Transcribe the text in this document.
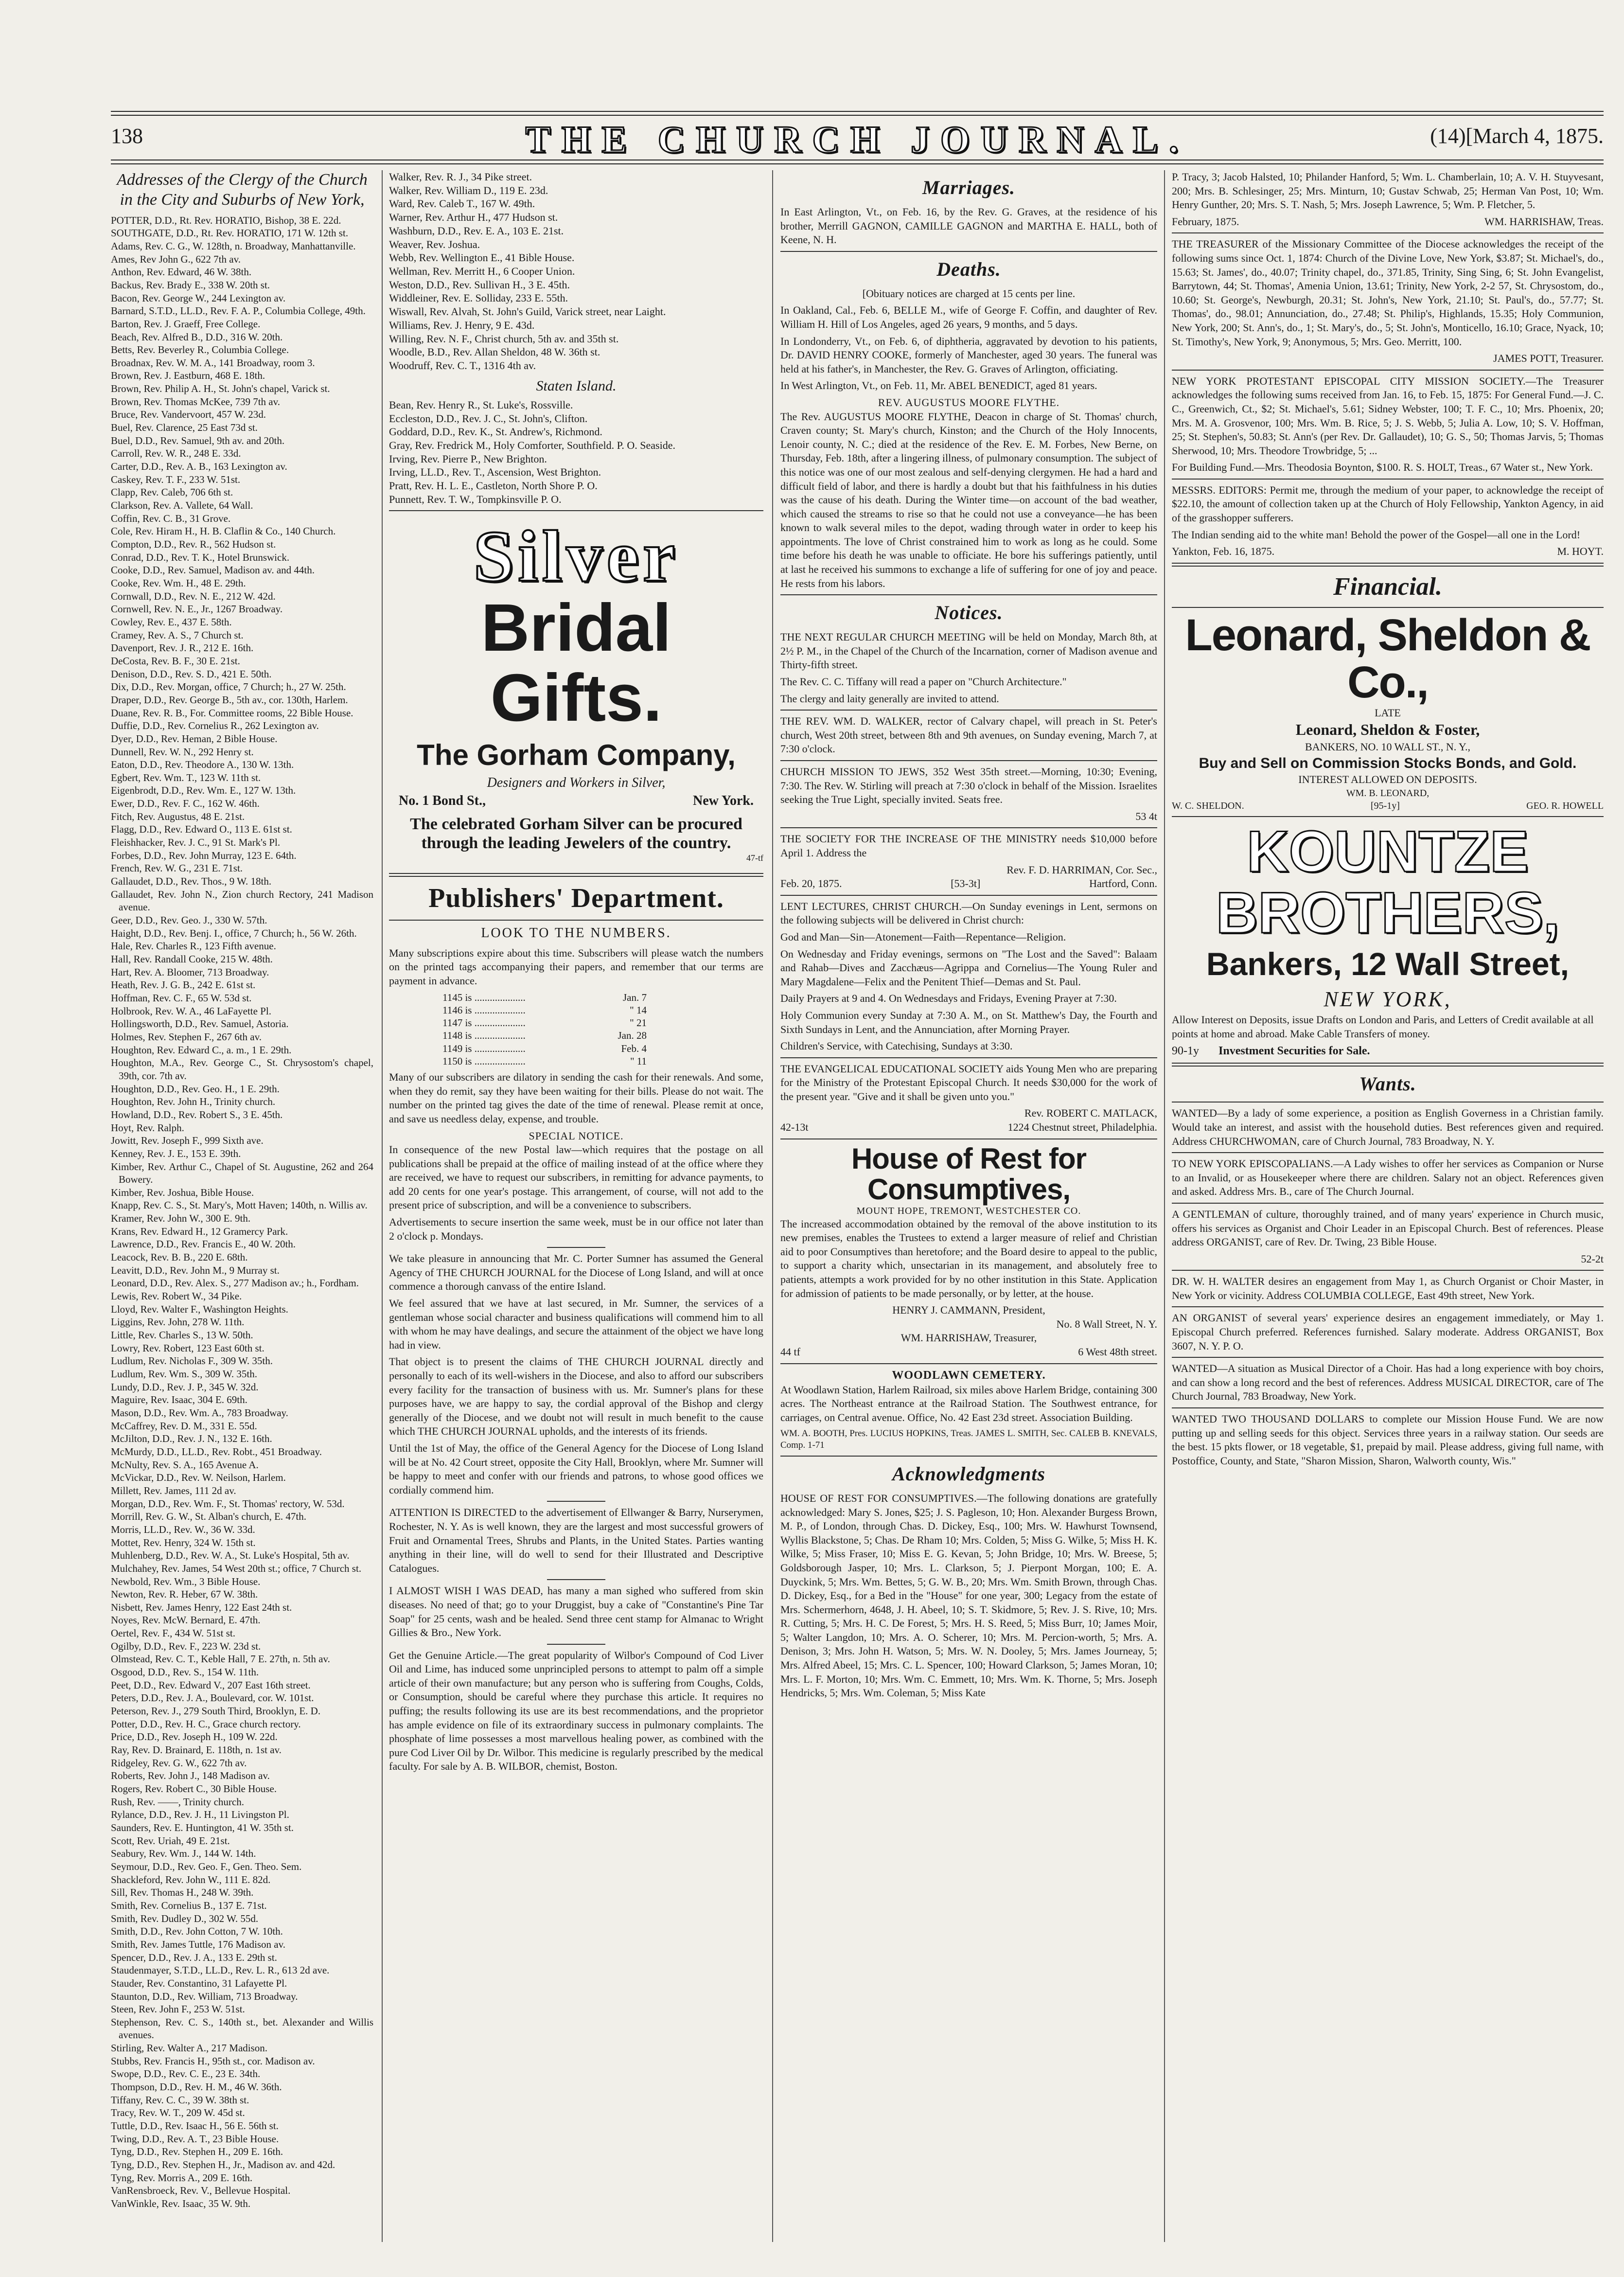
138	THE CHURCH JOURNAL.	(14)[March 4, 1875.
Addresses of the Clergy of the Church in the City and Suburbs of New York,
POTTER, D.D., Rt. Rev. HORATIO, Bishop, 38 E. 22d.
SOUTHGATE, D.D., Rt. Rev. HORATIO, 171 W. 12th st.
Adams, Rev. C. G., W. 128th, n. Broadway, Manhattanville.
Ames, Rev John G., 622 7th av.
Anthon, Rev. Edward, 46 W. 38th.
Backus, Rev. Brady E., 338 W. 20th st.
Bacon, Rev. George W., 244 Lexington av.
Barnard, S.T.D., LL.D., Rev. F. A. P., Columbia College, 49th.
Barton, Rev. J. Graeff, Free College.
Beach, Rev. Alfred B., D.D., 316 W. 20th.
Betts, Rev. Beverley R., Columbia College.
Broadnax, Rev. W. M. A., 141 Broadway, room 3.
Brown, Rev. J. Eastburn, 468 E. 18th.
Brown, Rev. Philip A. H., St. John's chapel, Varick st.
Brown, Rev. Thomas McKee, 739 7th av.
Bruce, Rev. Vandervoort, 457 W. 23d.
Buel, Rev. Clarence, 25 East 73d st.
Buel, D.D., Rev. Samuel, 9th av. and 20th.
Carroll, Rev. W. R., 248 E. 33d.
Carter, D.D., Rev. A. B., 163 Lexington av.
Caskey, Rev. T. F., 233 W. 51st.
Clapp, Rev. Caleb, 706 6th st.
Clarkson, Rev. A. Vallete, 64 Wall.
Coffin, Rev. C. B., 31 Grove.
Cole, Rev. Hiram H., H. B. Claflin & Co., 140 Church.
Compton, D.D., Rev. R., 562 Hudson st.
Conrad, D.D., Rev. T. K., Hotel Brunswick.
Cooke, D.D., Rev. Samuel, Madison av. and 44th.
Cooke, Rev. Wm. H., 48 E. 29th.
Cornwall, D.D., Rev. N. E., 212 W. 42d.
Cornwell, Rev. N. E., Jr., 1267 Broadway.
Cowley, Rev. E., 437 E. 58th.
Cramey, Rev. A. S., 7 Church st.
Davenport, Rev. J. R., 212 E. 16th.
DeCosta, Rev. B. F., 30 E. 21st.
Denison, D.D., Rev. S. D., 421 E. 50th.
Dix, D.D., Rev. Morgan, office, 7 Church; h., 27 W. 25th.
Draper, D.D., Rev. George B., 5th av., cor. 130th, Harlem.
Duane, Rev. R. B., For. Committee rooms, 22 Bible House.
Duffie, D.D., Rev. Cornelius R., 262 Lexington av.
Dyer, D.D., Rev. Heman, 2 Bible House.
Dunnell, Rev. W. N., 292 Henry st.
Eaton, D.D., Rev. Theodore A., 130 W. 13th.
Egbert, Rev. Wm. T., 123 W. 11th st.
Eigenbrodt, D.D., Rev. Wm. E., 127 W. 13th.
Ewer, D.D., Rev. F. C., 162 W. 46th.
Fitch, Rev. Augustus, 48 E. 21st.
Flagg, D.D., Rev. Edward O., 113 E. 61st st.
Fleishhacker, Rev. J. C., 91 St. Mark's Pl.
Forbes, D.D., Rev. John Murray, 123 E. 64th.
French, Rev. W. G., 231 E. 71st.
Gallaudet, D.D., Rev. Thos., 9 W. 18th.
Gallaudet, Rev. John N., Zion church Rectory, 241 Madison avenue.
Geer, D.D., Rev. Geo. J., 330 W. 57th.
Haight, D.D., Rev. Benj. I., office, 7 Church; h., 56 W. 26th.
Hale, Rev. Charles R., 123 Fifth avenue.
Hall, Rev. Randall Cooke, 215 W. 48th.
Hart, Rev. A. Bloomer, 713 Broadway.
Heath, Rev. J. G. B., 242 E. 61st st.
Hoffman, Rev. C. F., 65 W. 53d st.
Holbrook, Rev. W. A., 46 LaFayette Pl.
Hollingsworth, D.D., Rev. Samuel, Astoria.
Holmes, Rev. Stephen F., 267 6th av.
Houghton, Rev. Edward C., a. m., 1 E. 29th.
Houghton, M.A., Rev. George C., St. Chrysostom's chapel, 39th, cor. 7th av.
Houghton, D.D., Rev. Geo. H., 1 E. 29th.
Houghton, Rev. John H., Trinity church.
Howland, D.D., Rev. Robert S., 3 E. 45th.
Hoyt, Rev. Ralph.
Jowitt, Rev. Joseph F., 999 Sixth ave.
Kenney, Rev. J. E., 153 E. 39th.
Kimber, Rev. Arthur C., Chapel of St. Augustine, 262 and 264 Bowery.
Kimber, Rev. Joshua, Bible House.
Knapp, Rev. C. S., St. Mary's, Mott Haven; 140th, n. Willis av.
Kramer, Rev. John W., 300 E. 9th.
Krans, Rev. Edward H., 12 Gramercy Park.
Lawrence, D.D., Rev. Francis E., 40 W. 20th.
Leacock, Rev. B. B., 220 E. 68th.
Leavitt, D.D., Rev. John M., 9 Murray st.
Leonard, D.D., Rev. Alex. S., 277 Madison av.; h., Fordham.
Lewis, Rev. Robert W., 34 Pike.
Lloyd, Rev. Walter F., Washington Heights.
Liggins, Rev. John, 278 W. 11th.
Little, Rev. Charles S., 13 W. 50th.
Lowry, Rev. Robert, 123 East 60th st.
Ludlum, Rev. Nicholas F., 309 W. 35th.
Ludlum, Rev. Wm. S., 309 W. 35th.
Lundy, D.D., Rev. J. P., 345 W. 32d.
Maguire, Rev. Isaac, 304 E. 69th.
Mason, D.D., Rev. Wm. A., 783 Broadway.
McCaffrey, Rev. D. M., 331 E. 55d.
McJilton, D.D., Rev. J. N., 132 E. 16th.
McMurdy, D.D., LL.D., Rev. Robt., 451 Broadway.
McNulty, Rev. S. A., 165 Avenue A.
McVickar, D.D., Rev. W. Neilson, Harlem.
Millett, Rev. James, 111 2d av.
Morgan, D.D., Rev. Wm. F., St. Thomas' rectory, W. 53d.
Morrill, Rev. G. W., St. Alban's church, E. 47th.
Morris, LL.D., Rev. W., 36 W. 33d.
Mottet, Rev. Henry, 324 W. 15th st.
Muhlenberg, D.D., Rev. W. A., St. Luke's Hospital, 5th av.
Mulchahey, Rev. James, 54 West 20th st.; office, 7 Church st.
Newbold, Rev. Wm., 3 Bible House.
Newton, Rev. R. Heber, 67 W. 38th.
Nisbett, Rev. James Henry, 122 East 24th st.
Noyes, Rev. McW. Bernard, E. 47th.
Oertel, Rev. F., 434 W. 51st st.
Ogilby, D.D., Rev. F., 223 W. 23d st.
Olmstead, Rev. C. T., Keble Hall, 7 E. 27th, n. 5th av.
Osgood, D.D., Rev. S., 154 W. 11th.
Peet, D.D., Rev. Edward V., 207 East 16th street.
Peters, D.D., Rev. J. A., Boulevard, cor. W. 101st.
Peterson, Rev. J., 279 South Third, Brooklyn, E. D.
Potter, D.D., Rev. H. C., Grace church rectory.
Price, D.D., Rev. Joseph H., 109 W. 22d.
Ray, Rev. D. Brainard, E. 118th, n. 1st av.
Ridgeley, Rev. G. W., 622 7th av.
Roberts, Rev. John J., 148 Madison av.
Rogers, Rev. Robert C., 30 Bible House.
Rush, Rev. ——, Trinity church.
Rylance, D.D., Rev. J. H., 11 Livingston Pl.
Saunders, Rev. E. Huntington, 41 W. 35th st.
Scott, Rev. Uriah, 49 E. 21st.
Seabury, Rev. Wm. J., 144 W. 14th.
Seymour, D.D., Rev. Geo. F., Gen. Theo. Sem.
Shackleford, Rev. John W., 111 E. 82d.
Sill, Rev. Thomas H., 248 W. 39th.
Smith, Rev. Cornelius B., 137 E. 71st.
Smith, Rev. Dudley D., 302 W. 55d.
Smith, D.D., Rev. John Cotton, 7 W. 10th.
Smith, Rev. James Tuttle, 176 Madison av.
Spencer, D.D., Rev. J. A., 133 E. 29th st.
Staudenmayer, S.T.D., LL.D., Rev. L. R., 613 2d ave.
Stauder, Rev. Constantino, 31 Lafayette Pl.
Staunton, D.D., Rev. William, 713 Broadway.
Steen, Rev. John F., 253 W. 51st.
Stephenson, Rev. C. S., 140th st., bet. Alexander and Willis avenues.
Stirling, Rev. Walter A., 217 Madison.
Stubbs, Rev. Francis H., 95th st., cor. Madison av.
Swope, D.D., Rev. C. E., 23 E. 34th.
Thompson, D.D., Rev. H. M., 46 W. 36th.
Tiffany, Rev. C. C., 39 W. 38th st.
Tracy, Rev. W. T., 209 W. 45d st.
Tuttle, D.D., Rev. Isaac H., 56 E. 56th st.
Twing, D.D., Rev. A. T., 23 Bible House.
Tyng, D.D., Rev. Stephen H., 209 E. 16th.
Tyng, D.D., Rev. Stephen H., Jr., Madison av. and 42d.
Tyng, Rev. Morris A., 209 E. 16th.
VanRensbroeck, Rev. V., Bellevue Hospital.
VanWinkle, Rev. Isaac, 35 W. 9th.
Walker, Rev. R. J., 34 Pike street.
Walker, Rev. William D., 119 E. 23d.
Ward, Rev. Caleb T., 167 W. 49th.
Warner, Rev. Arthur H., 477 Hudson st.
Washburn, D.D., Rev. E. A., 103 E. 21st.
Weaver, Rev. Joshua.
Webb, Rev. Wellington E., 41 Bible House.
Wellman, Rev. Merritt H., 6 Cooper Union.
Weston, D.D., Rev. Sullivan H., 3 E. 45th.
Widdleiner, Rev. E. Solliday, 233 E. 55th.
Wiswall, Rev. Alvah, St. John's Guild, Varick street, near Laight.
Williams, Rev. J. Henry, 9 E. 43d.
Willing, Rev. N. F., Christ church, 5th av. and 35th st.
Woodle, B.D., Rev. Allan Sheldon, 48 W. 36th st.
Woodruff, Rev. C. T., 1316 4th av.
Staten Island.
Bean, Rev. Henry R., St. Luke's, Rossville.
Eccleston, D.D., Rev. J. C., St. John's, Clifton.
Goddard, D.D., Rev. K., St. Andrew's, Richmond.
Gray, Rev. Fredrick M., Holy Comforter, Southfield. P. O. Seaside.
Irving, Rev. Pierre P., New Brighton.
Irving, LL.D., Rev. T., Ascension, West Brighton.
Pratt, Rev. H. L. E., Castleton, North Shore P. O.
Punnett, Rev. T. W., Tompkinsville P. O.
Silver
Bridal Gifts.
The Gorham Company,
Designers and Workers in Silver,
No. 1 Bond St.,	New York.
The celebrated Gorham Silver can be procured through the leading Jewelers of the country.
47-tf
Publishers' Department.
LOOK TO THE NUMBERS.

Many subscriptions expire about this time. Subscribers will please watch the numbers on the printed tags accompanying their papers, and remember that our terms are payment in advance.

1145 is ....................	Jan. 7
1146 is ....................	" 14
1147 is ....................	" 21
1148 is ....................	Jan. 28
1149 is ....................	Feb. 4
1150 is ....................	" 11

Many of our subscribers are dilatory in sending the cash for their renewals. And some, when they do remit, say they have been waiting for their bills. Please do not wait. The number on the printed tag gives the date of the time of renewal. Please remit at once, and save us needless delay, expense, and trouble.

SPECIAL NOTICE.

In consequence of the new Postal law—which requires that the postage on all publications shall be prepaid at the office of mailing instead of at the office where they are received, we have to request our subscribers, in remitting for advance payments, to add 20 cents for one year's postage. This arrangement, of course, will not add to the present price of subscription, and will be a convenience to subscribers.

Advertisements to secure insertion the same week, must be in our office not later than 2 o'clock p. Mondays.

We take pleasure in announcing that Mr. C. Porter Sumner has assumed the General Agency of THE CHURCH JOURNAL for the Diocese of Long Island, and will at once commence a thorough canvass of the entire Island.

We feel assured that we have at last secured, in Mr. Sumner, the services of a gentleman whose social character and business qualifications will commend him to all with whom he may have dealings, and secure the attainment of the object we have long had in view.

That object is to present the claims of THE CHURCH JOURNAL directly and personally to each of its well-wishers in the Diocese, and also to afford our subscribers every facility for the transaction of business with us. Mr. Sumner's plans for these purposes have, we are happy to say, the cordial approval of the Bishop and clergy generally of the Diocese, and we doubt not will result in much benefit to the cause which THE CHURCH JOURNAL upholds, and the interests of its friends.

Until the 1st of May, the office of the General Agency for the Diocese of Long Island will be at No. 42 Court street, opposite the City Hall, Brooklyn, where Mr. Sumner will be happy to meet and confer with our friends and patrons, to whose good offices we cordially commend him.

ATTENTION IS DIRECTED to the advertisement of Ellwanger & Barry, Nurserymen, Rochester, N. Y. As is well known, they are the largest and most successful growers of Fruit and Ornamental Trees, Shrubs and Plants, in the United States. Parties wanting anything in their line, will do well to send for their Illustrated and Descriptive Catalogues.

I ALMOST WISH I WAS DEAD, has many a man sighed who suffered from skin diseases. No need of that; go to your Druggist, buy a cake of "Constantine's Pine Tar Soap" for 25 cents, wash and be healed. Send three cent stamp for Almanac to Wright Gillies & Bro., New York.

Get the Genuine Article.—The great popularity of Wilbor's Compound of Cod Liver Oil and Lime, has induced some unprincipled persons to attempt to palm off a simple article of their own manufacture; but any person who is suffering from Coughs, Colds, or Consumption, should be careful where they purchase this article. It requires no puffing; the results following its use are its best recommendations, and the proprietor has ample evidence on file of its extraordinary success in pulmonary complaints. The phosphate of lime possesses a most marvellous healing power, as combined with the pure Cod Liver Oil by Dr. Wilbor. This medicine is regularly prescribed by the medical faculty. For sale by A. B. WILBOR, chemist, Boston.

Marriages.

In East Arlington, Vt., on Feb. 16, by the Rev. G. Graves, at the residence of his brother, Merrill GAGNON, CAMILLE GAGNON and MARTHA E. HALL, both of Keene, N. H.

Deaths.

[Obituary notices are charged at 15 cents per line.

In Oakland, Cal., Feb. 6, BELLE M., wife of George F. Coffin, and daughter of Rev. William H. Hill of Los Angeles, aged 26 years, 9 months, and 5 days.

In Londonderry, Vt., on Feb. 6, of diphtheria, aggravated by devotion to his patients, Dr. DAVID HENRY COOKE, formerly of Manchester, aged 30 years. The funeral was held at his father's, in Manchester, the Rev. G. Graves of Arlington, officiating.

In West Arlington, Vt., on Feb. 11, Mr. ABEL BENEDICT, aged 81 years.

REV. AUGUSTUS MOORE FLYTHE.

The Rev. AUGUSTUS MOORE FLYTHE, Deacon in charge of St. Thomas' church, Craven county; St. Mary's church, Kinston; and the Church of the Holy Innocents, Lenoir county, N. C.; died at the residence of the Rev. E. M. Forbes, New Berne, on Thursday, Feb. 18th, after a lingering illness, of pulmonary consumption. The subject of this notice was one of our most zealous and self-denying clergymen. He had a hard and difficult field of labor, and there is hardly a doubt but that his faithfulness in his duties was the cause of his death. During the Winter time—on account of the bad weather, which caused the streams to rise so that he could not use a conveyance—he has been known to walk several miles to the depot, wading through water in order to keep his appointments. The love of Christ constrained him to work as long as he could. Some time before his death he was unable to officiate. He bore his sufferings patiently, until at last he received his summons to exchange a life of suffering for one of joy and peace. He rests from his labors.

Notices.

THE NEXT REGULAR CHURCH MEETING will be held on Monday, March 8th, at 2½ P. M., in the Chapel of the Church of the Incarnation, corner of Madison avenue and Thirty-fifth street.

The Rev. C. C. Tiffany will read a paper on "Church Architecture."

The clergy and laity generally are invited to attend.

THE REV. WM. D. WALKER, rector of Calvary chapel, will preach in St. Peter's church, West 20th street, between 8th and 9th avenues, on Sunday evening, March 7, at 7:30 o'clock.

CHURCH MISSION TO JEWS, 352 West 35th street.—Morning, 10:30; Evening, 7:30. The Rev. W. Stirling will preach at 7:30 o'clock in behalf of the Mission. Israelites seeking the True Light, specially invited. Seats free.

53 4t

THE SOCIETY FOR THE INCREASE OF THE MINISTRY needs $10,000 before April 1. Address the

Rev. F. D. HARRIMAN, Cor. Sec.,
Feb. 20, 1875.	[53-3t]	Hartford, Conn.

LENT LECTURES, CHRIST CHURCH.—On Sunday evenings in Lent, sermons on the following subjects will be delivered in Christ church:

God and Man—Sin—Atonement—Faith—Repentance—Religion.

On Wednesday and Friday evenings, sermons on "The Lost and the Saved": Balaam and Rahab—Dives and Zacchæus—Agrippa and Cornelius—The Young Ruler and Mary Magdalene—Felix and the Penitent Thief—Demas and St. Paul.

Daily Prayers at 9 and 4. On Wednesdays and Fridays, Evening Prayer at 7:30.

Holy Communion every Sunday at 7:30 A. M., on St. Matthew's Day, the Fourth and Sixth Sundays in Lent, and the Annunciation, after Morning Prayer.

Children's Service, with Catechising, Sundays at 3:30.

THE EVANGELICAL EDUCATIONAL SOCIETY aids Young Men who are preparing for the Ministry of the Protestant Episcopal Church. It needs $30,000 for the work of the present year. "Give and it shall be given unto you."

Rev. ROBERT C. MATLACK,
42-13t	1224 Chestnut street, Philadelphia.
House of Rest for Consumptives,
MOUNT HOPE, TREMONT, WESTCHESTER CO.

The increased accommodation obtained by the removal of the above institution to its new premises, enables the Trustees to extend a larger measure of relief and Christian aid to poor Consumptives than heretofore; and the Board desire to appeal to the public, to support a charity which, unsectarian in its management, and absolutely free to patients, attempts a work provided for by no other institution in this State. Application for admission of patients to be made personally, or by letter, at the house.

HENRY J. CAMMANN, President,
No. 8 Wall Street, N. Y.
WM. HARRISHAW, Treasurer,
44 tf	6 West 48th street.
WOODLAWN CEMETERY.

At Woodlawn Station, Harlem Railroad, six miles above Harlem Bridge, containing 300 acres. The Northeast entrance at the Railroad Station. The Southwest entrance, for carriages, on Central avenue. Office, No. 42 East 23d street. Association Building.

WM. A. BOOTH, Pres. LUCIUS HOPKINS, Treas. JAMES L. SMITH, Sec. CALEB B. KNEVALS, Comp. 1-71

Acknowledgments

HOUSE OF REST FOR CONSUMPTIVES.—The following donations are gratefully acknowledged: Mary S. Jones, $25; J. S. Pagleson, 10; Hon. Alexander Burgess Brown, M. P., of London, through Chas. D. Dickey, Esq., 100; Mrs. W. Hawhurst Townsend, Wyllis Blackstone, 5; Chas. De Rham 10; Mrs. Colden, 5; Miss G. Wilke, 5; Miss H. K. Wilke, 5; Miss Fraser, 10; Miss E. G. Kevan, 5; John Bridge, 10; Mrs. W. Breese, 5; Goldsborough Jasper, 10; Mrs. L. Clarkson, 5; J. Pierpont Morgan, 100; E. A. Duyckink, 5; Mrs. Wm. Bettes, 5; G. W. B., 20; Mrs. Wm. Smith Brown, through Chas. D. Dickey, Esq., for a Bed in the "House" for one year, 300; Legacy from the estate of Mrs. Schermerhorn, 4648, J. H. Abeel, 10; S. T. Skidmore, 5; Rev. J. S. Rive, 10; Mrs. R. Cutting, 5; Mrs. H. C. De Forest, 5; Mrs. H. S. Reed, 5; Miss Burr, 10; James Moir, 5; Walter Langdon, 10; Mrs. A. O. Scherer, 10; Mrs. M. Percion-worth, 5; Mrs. A. Denison, 3; Mrs. John H. Watson, 5; Mrs. W. N. Dooley, 5; Mrs. James Journeay, 5; Mrs. Alfred Abeel, 15; Mrs. C. L. Spencer, 100; Howard Clarkson, 5; James Moran, 10; Mrs. L. F. Morton, 10; Mrs. Wm. C. Emmett, 10; Mrs. Wm. K. Thorne, 5; Mrs. Joseph Hendricks, 5; Mrs. Wm. Coleman, 5; Miss Kate

P. Tracy, 3; Jacob Halsted, 10; Philander Hanford, 5; Wm. L. Chamberlain, 10; A. V. H. Stuyvesant, 200; Mrs. B. Schlesinger, 25; Mrs. Minturn, 10; Gustav Schwab, 25; Herman Van Post, 10; Wm. Henry Gunther, 20; Mrs. S. T. Nash, 5; Mrs. Joseph Lawrence, 5; Wm. P. Fletcher, 5.

February, 1875.	WM. HARRISHAW, Treas.

THE TREASURER of the Missionary Committee of the Diocese acknowledges the receipt of the following sums since Oct. 1, 1874: Church of the Divine Love, New York, $3.87; St. Michael's, do., 15.63; St. James', do., 40.07; Trinity chapel, do., 371.85, Trinity, Sing Sing, 6; St. John Evangelist, Barrytown, 44; St. Thomas', Amenia Union, 13.61; Trinity, New York, 2-2 57, St. Chrysostom, do., 10.60; St. George's, Newburgh, 20.31; St. John's, New York, 21.10; St. Paul's, do., 57.77; St. Thomas', do., 98.01; Annunciation, do., 27.48; St. Philip's, Highlands, 15.35; Holy Communion, New York, 200; St. Ann's, do., 1; St. Mary's, do., 5; St. John's, Monticello, 16.10; Grace, Nyack, 10; St. Timothy's, New York, 9; Anonymous, 5; Mrs. Geo. Merritt, 100.

JAMES POTT, Treasurer.

NEW YORK PROTESTANT EPISCOPAL CITY MISSION SOCIETY.—The Treasurer acknowledges the following sums received from Jan. 16, to Feb. 15, 1875: For General Fund.—J. C. C., Greenwich, Ct., $2; St. Michael's, 5.61; Sidney Webster, 100; T. F. C., 10; Mrs. Phoenix, 20; Mrs. M. A. Grosvenor, 100; Mrs. Wm. B. Rice, 5; J. S. Webb, 5; Julia A. Low, 10; S. V. Hoffman, 25; St. Stephen's, 50.83; St. Ann's (per Rev. Dr. Gallaudet), 10; G. S., 50; Thomas Jarvis, 5; Thomas Sherwood, 10; Mrs. Theodore Trowbridge, 5; ...

For Building Fund.—Mrs. Theodosia Boynton, $100. R. S. HOLT, Treas., 67 Water st., New York.

MESSRS. EDITORS: Permit me, through the medium of your paper, to acknowledge the receipt of $22.10, the amount of collection taken up at the Church of Holy Fellowship, Yankton Agency, in aid of the grasshopper sufferers.

The Indian sending aid to the white man! Behold the power of the Gospel—all one in the Lord!

Yankton, Feb. 16, 1875.	M. HOYT.
Financial.
Leonard, Sheldon & Co.,
LATE
Leonard, Sheldon & Foster,
BANKERS, NO. 10 WALL ST., N. Y.,
Buy and Sell on Commission Stocks Bonds, and Gold.
INTEREST ALLOWED ON DEPOSITS.
WM. B. LEONARD,
W. C. SHELDON.	[95-1y]	GEO. R. HOWELL
KOUNTZE BROTHERS,
Bankers, 12 Wall Street,
NEW YORK,

Allow Interest on Deposits, issue Drafts on London and Paris, and Letters of Credit available at all points at home and abroad. Make Cable Transfers of money.

90-1y Investment Securities for Sale.
Wants.

WANTED—By a lady of some experience, a position as English Governess in a Christian family. Would take an interest, and assist with the household duties. Best references given and required. Address CHURCHWOMAN, care of Church Journal, 783 Broadway, N. Y.

TO NEW YORK EPISCOPALIANS.—A Lady wishes to offer her services as Companion or Nurse to an Invalid, or as Housekeeper where there are children. Salary not an object. References given and asked. Address Mrs. B., care of The Church Journal.

A GENTLEMAN of culture, thoroughly trained, and of many years' experience in Church music, offers his services as Organist and Choir Leader in an Episcopal Church. Best of references. Please address ORGANIST, care of Rev. Dr. Twing, 23 Bible House.

52-2t

DR. W. H. WALTER desires an engagement from May 1, as Church Organist or Choir Master, in New York or vicinity. Address COLUMBIA COLLEGE, East 49th street, New York.

AN ORGANIST of several years' experience desires an engagement immediately, or May 1. Episcopal Church preferred. References furnished. Salary moderate. Address ORGANIST, Box 3607, N. Y. P. O.

WANTED—A situation as Musical Director of a Choir. Has had a long experience with boy choirs, and can show a long record and the best of references. Address MUSICAL DIRECTOR, care of The Church Journal, 783 Broadway, New York.

WANTED TWO THOUSAND DOLLARS to complete our Mission House Fund. We are now putting up and selling seeds for this object. Services three years in a railway station. Our seeds are the best. 15 pkts flower, or 18 vegetable, $1, prepaid by mail. Please address, giving full name, with Postoffice, County, and State, "Sharon Mission, Sharon, Walworth county, Wis."
